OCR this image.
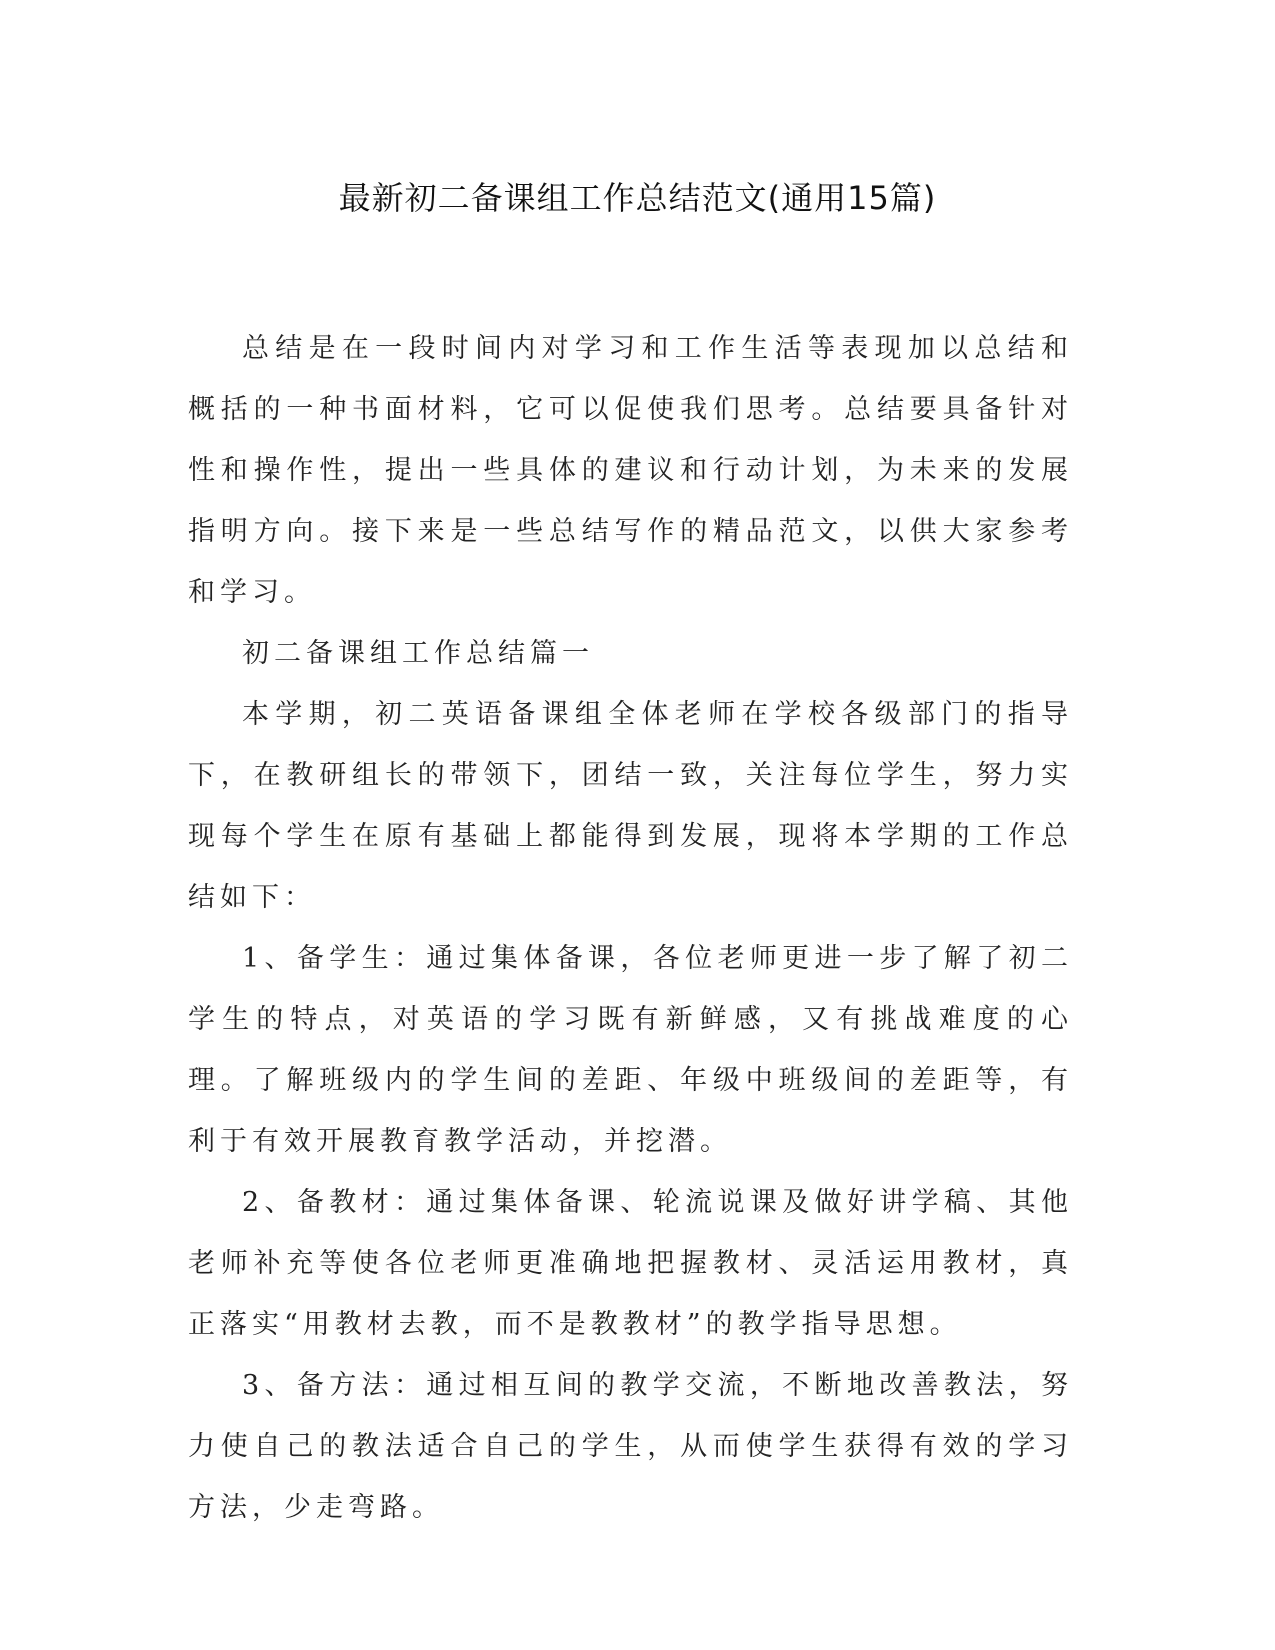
最新初二备课组工作总结范文(通用15篇)

总结是在一段时间内对学习和工作生活等表现加以总结和概括的一种书面材料，它可以促使我们思考。总结要具备针对性和操作性，提出一些具体的建议和行动计划，为未来的发展指明方向。接下来是一些总结写作的精品范文，以供大家参考和学习。

初二备课组工作总结篇一

本学期，初二英语备课组全体老师在学校各级部门的指导下，在教研组长的带领下，团结一致，关注每位学生，努力实现每个学生在原有基础上都能得到发展，现将本学期的工作总结如下：

1、备学生：通过集体备课，各位老师更进一步了解了初二学生的特点，对英语的学习既有新鲜感，又有挑战难度的心理。了解班级内的学生间的差距、年级中班级间的差距等，有利于有效开展教育教学活动，并挖潜。

2、备教材：通过集体备课、轮流说课及做好讲学稿、其他老师补充等使各位老师更准确地把握教材、灵活运用教材，真正落实“用教材去教，而不是教教材”的教学指导思想。

3、备方法：通过相互间的教学交流，不断地改善教法，努力使自己的教法适合自己的学生，从而使学生获得有效的学习方法，少走弯路。
